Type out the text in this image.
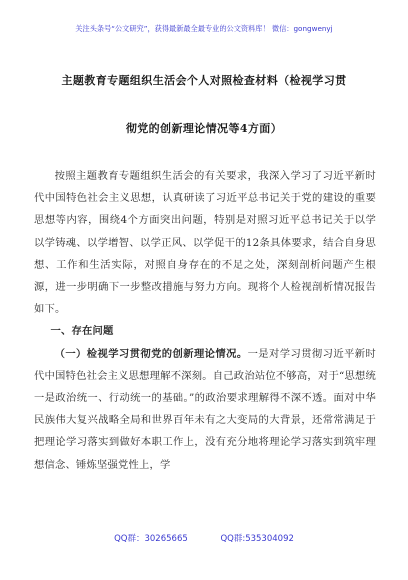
关注头条号“公文研究”，获得最新最全最专业的公文资料库！ 微信：gongwenyj
主题教育专题组织生活会个人对照检查材料（检视学习贯
彻党的创新理论情况等4方面）

按照主题教育专题组织生活会的有关要求，我深入学习了习近平新时代中国特色社会主义思想，认真研读了习近平总书记关于党的建设的重要思想等内容，围绕4个方面突出问题，特别是对照习近平总书记关于以学以学铸魂、以学增智、以学正风、以学促干的12条具体要求，结合自身思想、工作和生活实际，对照自身存在的不足之处，深刻剖析问题产生根源，进一步明确下一步整改措施与努力方向。现将个人检视剖析情况报告如下。

一、存在问题

（一）检视学习贯彻党的创新理论情况。一是对学习贯彻习近平新时代中国特色社会主义思想理解不深刻。自己政治站位不够高，对于“思想统一是政治统一、行动统一的基础。”的政治要求理解得不深不透。面对中华民族伟大复兴战略全局和世界百年未有之大变局的大背景，还常常满足于把理论学习落实到做好本职工作上，没有充分地将理论学习落实到筑牢理想信念、锤炼坚强党性上，学

QQ群：30265665	QQ群:535304092
